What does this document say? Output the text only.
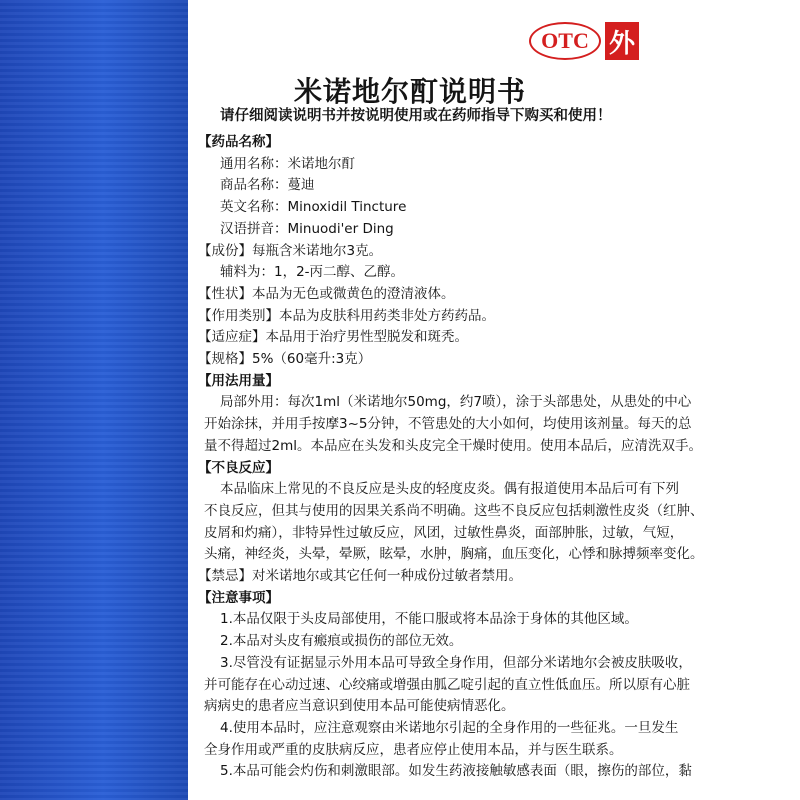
OTC 外
米诺地尔酊说明书
请仔细阅读说明书并按说明使用或在药师指导下购买和使用！
【药品名称】
通用名称：米诺地尔酊
商品名称：蔓迪
英文名称：Minoxidil Tincture
汉语拼音：Minuodi'er Ding
【成份】每瓶含米诺地尔3克。
辅料为：1，2-丙二醇、乙醇。
【性状】本品为无色或微黄色的澄清液体。
【作用类别】本品为皮肤科用药类非处方药药品。
【适应症】本品用于治疗男性型脱发和斑秃。
【规格】5%（60毫升:3克）
【用法用量】
局部外用：每次1ml（米诺地尔50mg，约7喷），涂于头部患处，从患处的中心
开始涂抹，并用手按摩3~5分钟，不管患处的大小如何，均使用该剂量。每天的总
量不得超过2ml。本品应在头发和头皮完全干燥时使用。使用本品后，应清洗双手。
【不良反应】
本品临床上常见的不良反应是头皮的轻度皮炎。偶有报道使用本品后可有下列
不良反应，但其与使用的因果关系尚不明确。这些不良反应包括刺激性皮炎（红肿、
皮屑和灼痛），非特异性过敏反应，风团，过敏性鼻炎，面部肿胀，过敏，气短，
头痛，神经炎，头晕，晕厥，眩晕，水肿，胸痛，血压变化，心悸和脉搏频率变化。
【禁忌】对米诺地尔或其它任何一种成份过敏者禁用。
【注意事项】
1.本品仅限于头皮局部使用，不能口服或将本品涂于身体的其他区域。
2.本品对头皮有瘢痕或损伤的部位无效。
3.尽管没有证据显示外用本品可导致全身作用，但部分米诺地尔会被皮肤吸收，
并可能存在心动过速、心绞痛或增强由胍乙啶引起的直立性低血压。所以原有心脏
病病史的患者应当意识到使用本品可能使病情恶化。
4.使用本品时，应注意观察由米诺地尔引起的全身作用的一些征兆。一旦发生
全身作用或严重的皮肤病反应，患者应停止使用本品，并与医生联系。
5.本品可能会灼伤和刺激眼部。如发生药液接触敏感表面（眼，擦伤的部位，黏
